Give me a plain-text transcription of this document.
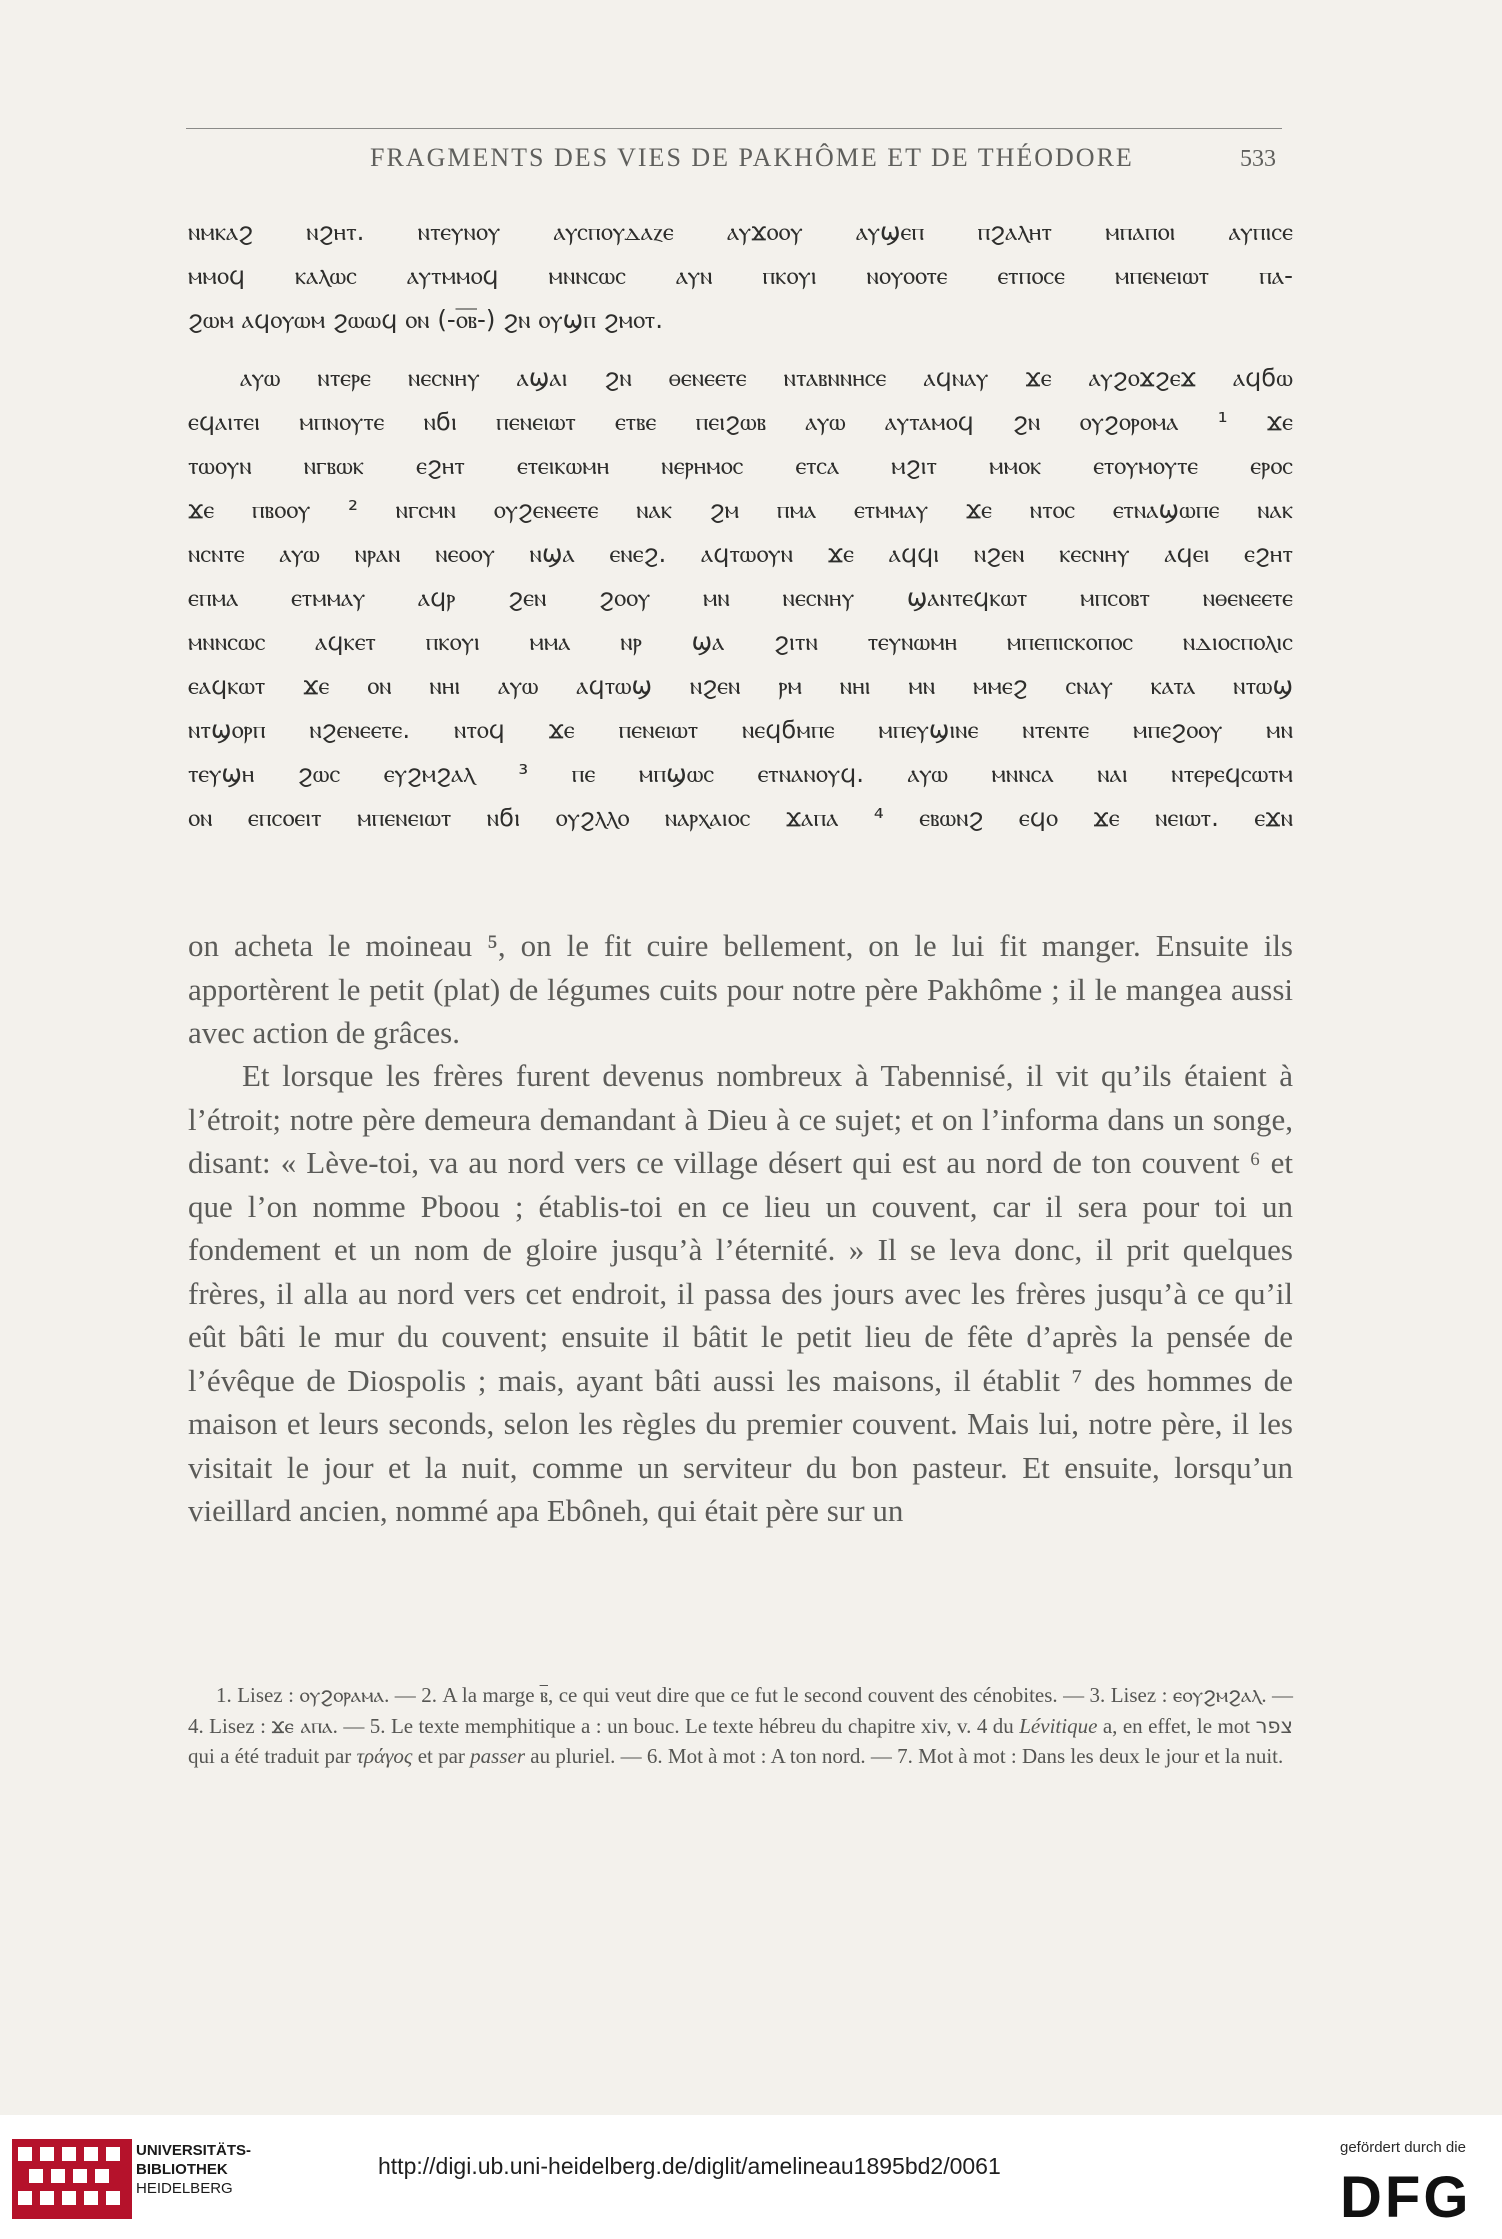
FRAGMENTS DES VIES DE PAKHÔME ET DE THÉODORE	533

ⲛⲙⲕⲁϩ ⲛϩⲏⲧ. ⲛⲧⲉⲩⲛⲟⲩ ⲁⲩⲥⲡⲟⲩⲇⲁⲍⲉ ⲁⲩϫⲟⲟⲩ ⲁⲩϣⲉⲡ ⲡϩⲁⲗⲏⲧ ⲙⲡⲁⲡⲟⲓ ⲁⲩⲡⲓⲥⲉ

ⲙⲙⲟϥ ⲕⲁⲗⲱⲥ ⲁⲩⲧⲙⲙⲟϥ ⲙⲛⲛⲥⲱⲥ ⲁⲩⲛ ⲡⲕⲟⲩⲓ ⲛⲟⲩⲟⲟⲧⲉ ⲉⲧⲡⲟⲥⲉ ⲙⲡⲉⲛⲉⲓⲱⲧ ⲡⲁ-

ϩⲱⲙ ⲁϥⲟⲩⲱⲙ ϩⲱⲱϥ ⲟⲛ (-ⲟ̅ⲃ̅-) ϩⲛ ⲟⲩϣⲡ ϩⲙⲟⲧ.

ⲁⲩⲱ ⲛⲧⲉⲣⲉ ⲛⲉⲥⲛⲏⲩ ⲁϣⲁⲓ ϩⲛ ⲑⲉⲛⲉⲉⲧⲉ ⲛⲧⲁⲃⲛⲛⲏⲥⲉ ⲁϥⲛⲁⲩ ϫⲉ ⲁⲩϩⲟϫϩⲉϫ ⲁϥϭⲱ

ⲉϥⲁⲓⲧⲉⲓ ⲙⲡⲛⲟⲩⲧⲉ ⲛϭⲓ ⲡⲉⲛⲉⲓⲱⲧ ⲉⲧⲃⲉ ⲡⲉⲓϩⲱⲃ ⲁⲩⲱ ⲁⲩⲧⲁⲙⲟϥ ϩⲛ ⲟⲩϩⲟⲣⲟⲙⲁ ¹ ϫⲉ

ⲧⲱⲟⲩⲛ ⲛⲅⲃⲱⲕ ⲉϩⲏⲧ ⲉⲧⲉⲓⲕⲱⲙⲏ ⲛⲉⲣⲏⲙⲟⲥ ⲉⲧⲥⲁ ⲙϩⲓⲧ ⲙⲙⲟⲕ ⲉⲧⲟⲩⲙⲟⲩⲧⲉ ⲉⲣⲟⲥ

ϫⲉ ⲡⲃⲟⲟⲩ ² ⲛⲅⲥⲙⲛ ⲟⲩϩⲉⲛⲉⲉⲧⲉ ⲛⲁⲕ ϩⲙ ⲡⲙⲁ ⲉⲧⲙⲙⲁⲩ ϫⲉ ⲛⲧⲟⲥ ⲉⲧⲛⲁϣⲱⲡⲉ ⲛⲁⲕ

ⲛⲥⲛⲧⲉ ⲁⲩⲱ ⲛⲣⲁⲛ ⲛⲉⲟⲟⲩ ⲛϣⲁ ⲉⲛⲉϩ. ⲁϥⲧⲱⲟⲩⲛ ϫⲉ ⲁϥϥⲓ ⲛϩⲉⲛ ⲕⲉⲥⲛⲏⲩ ⲁϥⲉⲓ ⲉϩⲏⲧ

ⲉⲡⲙⲁ ⲉⲧⲙⲙⲁⲩ ⲁϥⲣ ϩⲉⲛ ϩⲟⲟⲩ ⲙⲛ ⲛⲉⲥⲛⲏⲩ ϣⲁⲛⲧⲉϥⲕⲱⲧ ⲙⲡⲥⲟⲃⲧ ⲛⲑⲉⲛⲉⲉⲧⲉ

ⲙⲛⲛⲥⲱⲥ ⲁϥⲕⲉⲧ ⲡⲕⲟⲩⲓ ⲙⲙⲁ ⲛⲣ ϣⲁ ϩⲓⲧⲛ ⲧⲉⲩⲛⲱⲙⲏ ⲙⲡⲉⲡⲓⲥⲕⲟⲡⲟⲥ ⲛⲇⲓⲟⲥⲡⲟⲗⲓⲥ

ⲉⲁϥⲕⲱⲧ ϫⲉ ⲟⲛ ⲛⲏⲓ ⲁⲩⲱ ⲁϥⲧⲱϣ ⲛϩⲉⲛ ⲣⲙ ⲛⲏⲓ ⲙⲛ ⲙⲙⲉϩ ⲥⲛⲁⲩ ⲕⲁⲧⲁ ⲛⲧⲱϣ

ⲛⲧϣⲟⲣⲡ ⲛϩⲉⲛⲉⲉⲧⲉ. ⲛⲧⲟϥ ϫⲉ ⲡⲉⲛⲉⲓⲱⲧ ⲛⲉϥϭⲙⲡⲉ ⲙⲡⲉⲩϣⲓⲛⲉ ⲛⲧⲉⲛⲧⲉ ⲙⲡⲉϩⲟⲟⲩ ⲙⲛ

ⲧⲉⲩϣⲏ ϩⲱⲥ ⲉⲩϩⲙϩⲁⲗ ³ ⲡⲉ ⲙⲡϣⲱⲥ ⲉⲧⲛⲁⲛⲟⲩϥ. ⲁⲩⲱ ⲙⲛⲛⲥⲁ ⲛⲁⲓ ⲛⲧⲉⲣⲉϥⲥⲱⲧⲙ

ⲟⲛ ⲉⲡⲥⲟⲉⲓⲧ ⲙⲡⲉⲛⲉⲓⲱⲧ ⲛϭⲓ ⲟⲩϩⲗⲗⲟ ⲛⲁⲣⲭⲁⲓⲟⲥ ϫⲁⲡⲁ ⁴ ⲉⲃⲱⲛϩ ⲉϥⲟ ϫⲉ ⲛⲉⲓⲱⲧ. ⲉϫⲛ

on acheta le moineau ⁵, on le fit cuire bellement, on le lui fit manger. Ensuite ils apportèrent le petit (plat) de légumes cuits pour notre père Pakhôme ; il le mangea aussi avec action de grâces.

Et lorsque les frères furent devenus nombreux à Tabennisé, il vit qu’ils étaient à l’étroit; notre père demeura demandant à Dieu à ce sujet; et on l’informa dans un songe, disant: « Lève-toi, va au nord vers ce village désert qui est au nord de ton couvent ⁶ et que l’on nomme Pboou ; établis-toi en ce lieu un couvent, car il sera pour toi un fondement et un nom de gloire jusqu’à l’éternité. » Il se leva donc, il prit quelques frères, il alla au nord vers cet endroit, il passa des jours avec les frères jusqu’à ce qu’il eût bâti le mur du couvent; ensuite il bâtit le petit lieu de fête d’après la pensée de l’évêque de Diospolis ; mais, ayant bâti aussi les maisons, il établit ⁷ des hommes de maison et leurs seconds, selon les règles du premier couvent. Mais lui, notre père, il les visitait le jour et la nuit, comme un serviteur du bon pasteur. Et ensuite, lorsqu’un vieillard ancien, nommé apa Ebôneh, qui était père sur un

1. Lisez : ⲟⲩϩⲟⲣⲁⲙⲁ. — 2. A la marge ⲃ̅, ce qui veut dire que ce fut le second couvent des cénobites. — 3. Lisez : ⲉⲟⲩϩⲙϩⲁⲗ. — 4. Lisez : ϫⲉ ⲁⲡⲁ. — 5. Le texte memphitique a : un bouc. Le texte hébreu du chapitre xiv, v. 4 du Lévitique a, en effet, le mot צפר qui a été traduit par τράγος et par passer au pluriel. — 6. Mot à mot : A ton nord. — 7. Mot à mot : Dans les deux le jour et la nuit.

UNIVERSITÄTS-
BIBLIOTHEK
HEIDELBERG
http://digi.ub.uni-heidelberg.de/diglit/amelineau1895bd2/0061
gefördert durch die
DFG
